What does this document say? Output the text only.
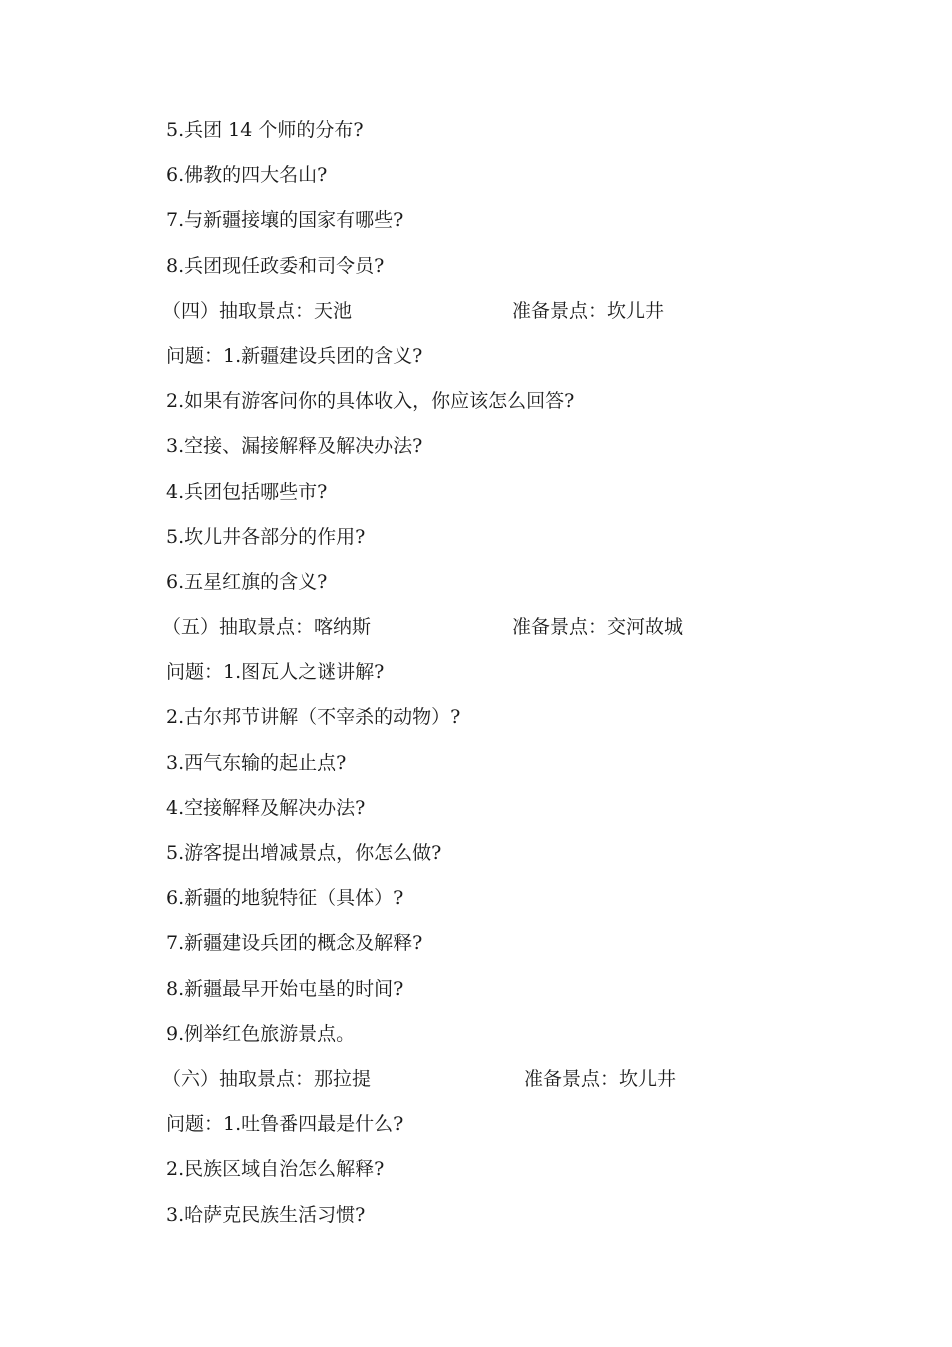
5.兵团 14 个师的分布?
6.佛教的四大名山?
7.与新疆接壤的国家有哪些?
8.兵团现任政委和司令员?
（四）抽取景点：天池	准备景点：坎儿井
问题：1.新疆建设兵团的含义?
2.如果有游客问你的具体收入，你应该怎么回答?
3.空接、漏接解释及解决办法?
4.兵团包括哪些市?
5.坎儿井各部分的作用?
6.五星红旗的含义?
（五）抽取景点：喀纳斯	准备景点：交河故城
问题：1.图瓦人之谜讲解?
2.古尔邦节讲解（不宰杀的动物）?
3.西气东输的起止点?
4.空接解释及解决办法?
5.游客提出增减景点，你怎么做?
6.新疆的地貌特征（具体）?
7.新疆建设兵团的概念及解释?
8.新疆最早开始屯垦的时间?
9.例举红色旅游景点。
（六）抽取景点：那拉提	准备景点：坎儿井
问题：1.吐鲁番四最是什么?
2.民族区域自治怎么解释?
3.哈萨克民族生活习惯?
